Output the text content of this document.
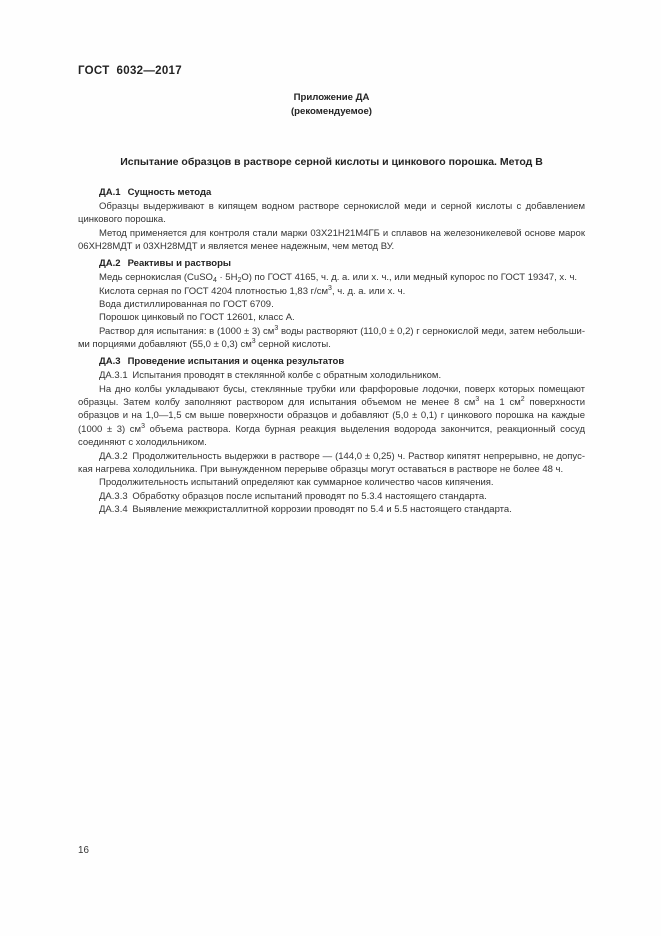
ГОСТ  6032—2017
Приложение ДА
(рекомендуемое)
Испытание образцов в растворе серной кислоты и цинкового порошка. Метод В
ДА.1 Сущность метода

Образцы выдерживают в кипящем водном растворе сернокислой меди и серной кислоты с добавлением цинкового порошка.

Метод применяется для контроля стали марки 03Х21Н21М4ГБ и сплавов на железоникелевой основе марок 06ХН28МДТ и 03ХН28МДТ и является менее надежным, чем метод ВУ.

ДА.2 Реактивы и растворы

Медь сернокислая (CuSO$_4$ · $5H_2O$) по ГОСТ 4165, ч. д. а. или х. ч., или медный купорос по ГОСТ 19347, х. ч.

Кислота серная по ГОСТ 4204 плотностью 1,83 $г/см^3$, ч. д. а. или х. ч.

Вода дистиллированная по ГОСТ 6709.

Порошок цинковый по ГОСТ 12601, класс А.

Раствор для испытания: в (1000 ± 3) $см^3$ воды растворяют (110,0 ± 0,2) г сернокислой меди, затем небольшими порциями добавляют (55,0 ± 0,3) $см^3$ серной кислоты.

ДА.3 Проведение испытания и оценка результатов

ДА.3.1 Испытания проводят в стеклянной колбе с обратным холодильником.

На дно колбы укладывают бусы, стеклянные трубки или фарфоровые лодочки, поверх которых помещают образцы. Затем колбу заполняют раствором для испытания объемом не менее 8 $см^3$ на 1 $см^2$ поверхности образцов и на 1,0—1,5 см выше поверхности образцов и добавляют (5,0 ± 0,1) г цинкового порошка на каждые (1000 ± 3) $см^3$ объема раствора. Когда бурная реакция выделения водорода закончится, реакционный сосуд соединяют с холодильником.

ДА.3.2 Продолжительность выдержки в растворе — (144,0 ± 0,25) ч. Раствор кипятят непрерывно, не допуская нагрева холодильника. При вынужденном перерыве образцы могут оставаться в растворе не более 48 ч.

Продолжительность испытаний определяют как суммарное количество часов кипячения.

ДА.3.3 Обработку образцов после испытаний проводят по 5.3.4 настоящего стандарта.

ДА.3.4 Выявление межкристаллитной коррозии проводят по 5.4 и 5.5 настоящего стандарта.

16
